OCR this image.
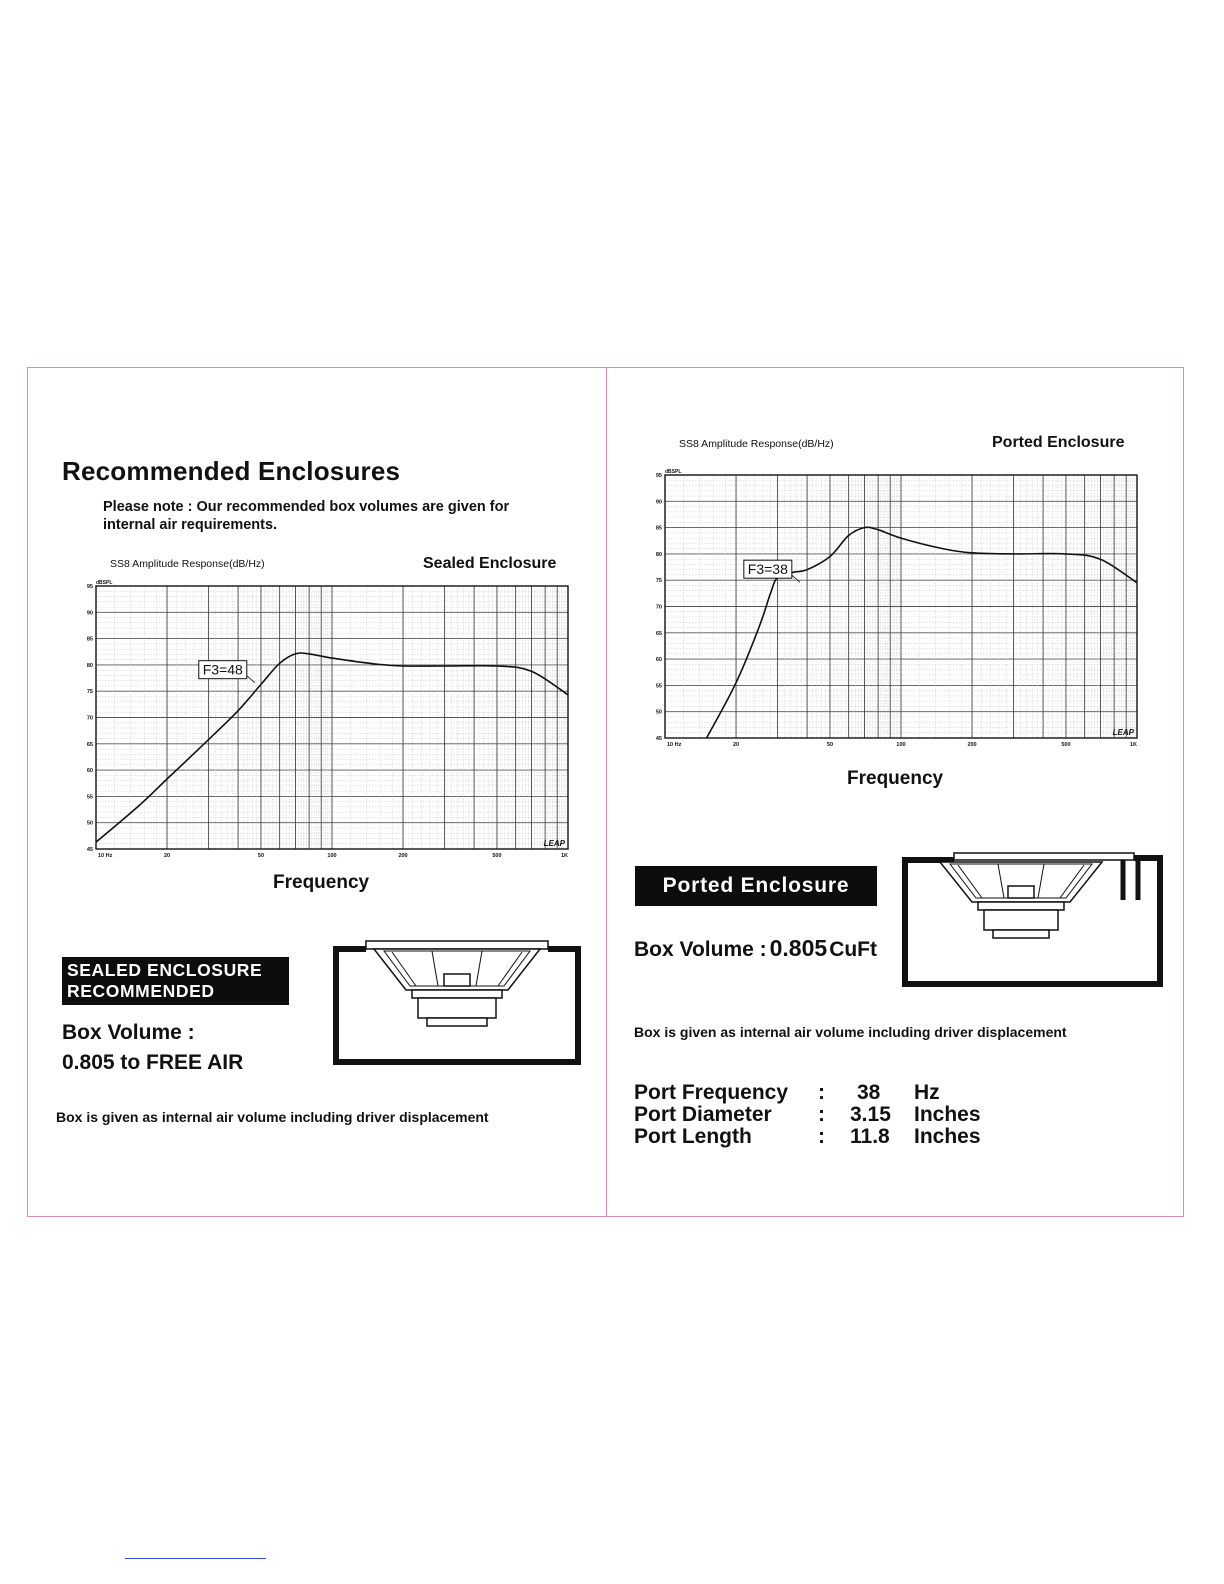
Recommended Enclosures
Please note : Our recommended box volumes are given for internal air requirements.
SS8 Amplitude Response(dB/Hz)	Sealed Enclosure
45
50
55
60
65
70
75
80
85
90
95
dBSPL
10 Hz	20	50	100	200	500	1K
LEAP
F3=48
Frequency
SEALED ENCLOSURE
RECOMMENDED
Box Volume :
0.805 to FREE AIR
Box is given as internal air volume including driver displacement
SS8 Amplitude Response(dB/Hz)	Ported Enclosure
45
50
55
60
65
70
75
80
85
90
95
dBSPL
10 Hz	20	50	100	200	500	1K
LEAP
F3=38
Frequency
Ported Enclosure
Box Volume : 0.805CuFt
Box is given as internal air volume including driver displacement
Port Frequency : 38 Hz
Port Diameter : 3.15 Inches
Port Length	: 11.8 Inches
